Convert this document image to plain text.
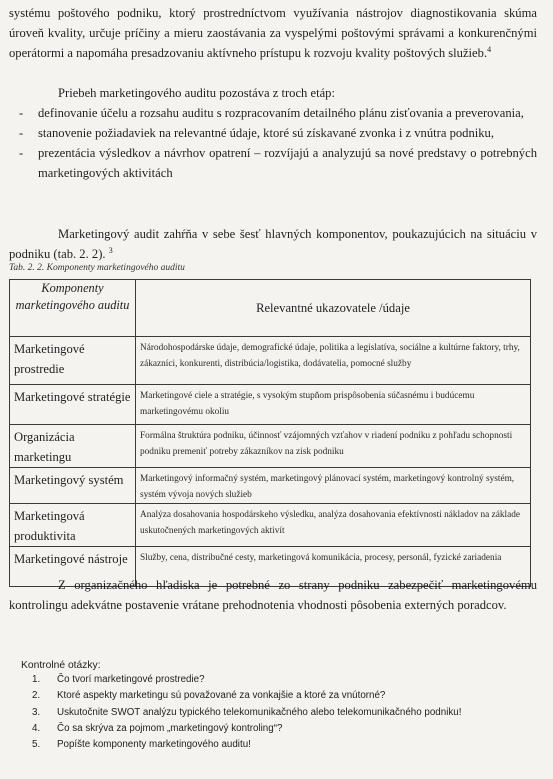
systému poštového podniku, ktorý prostredníctvom využívania nástrojov diagnostikovania skúma úroveň kvality, určuje príčiny a mieru zaostávania za vyspelými poštovými správami a konkurenčnými operátormi a napomáha presadzovaniu aktívneho prístupu k rozvoju kvality poštových služieb.$^4$

Priebeh marketingového auditu pozostáva z troch etáp:

- definovanie účelu a rozsahu auditu s rozpracovaním detailného plánu zisťovania a preverovania,
- stanovenie požiadaviek na relevantné údaje, ktoré sú získavané zvonka i z vnútra podniku,
- prezentácia výsledkov a návrhov opatrení – rozvíjajú a analyzujú sa nové predstavy o potrebných marketingových aktivitách

Marketingový audit zahŕňa v sebe šesť hlavných komponentov, poukazujúcich na situáciu v podniku (tab. 2. 2). $^3$

Tab. 2. 2. Komponenty marketingového auditu
Komponenty marketingového auditu	Relevantné ukazovatele /údaje
Marketingové prostredie	Národohospodárske údaje, demografické údaje, politika a legislatíva, sociálne a kultúrne faktory, trhy, zákazníci, konkurenti, distribúcia/logistika, dodávatelia, pomocné služby
Marketingové stratégie	Marketingové ciele a stratégie, s vysokým stupňom prispôsobenia súčasnému i budúcemu marketingovému okoliu
Organizácia marketingu	Formálna štruktúra podniku, účinnosť vzájomných vzťahov v riadení podniku z pohľadu schopnosti podniku premeniť potreby zákazníkov na zisk podniku
Marketingový systém	Marketingový informačný systém, marketingový plánovací systém, marketingový kontrolný systém, systém vývoja nových služieb
Marketingová produktivita	Analýza dosahovania hospodárskeho výsledku, analýza dosahovania efektívnosti nákladov na základe uskutočnených marketingových aktivít
Marketingové nástroje	Služby, cena, distribučné cesty, marketingová komunikácia, procesy, personál, fyzické zariadenia

Z organizačného hľadiska je potrebné zo strany podniku zabezpečiť marketingovému kontrolingu adekvátne postavenie vrátane prehodnotenia vhodnosti pôsobenia externých poradcov.

Kontrolné otázky:
1. Čo tvorí marketingové prostredie?
2. Ktoré aspekty marketingu sú považované za vonkajšie a ktoré za vnútorné?
3. Uskutočnite SWOT analýzu typického telekomunikačného alebo telekomunikačného podniku!
4. Čo sa skrýva za pojmom „marketingový kontroling“?
5. Popíšte komponenty marketingového auditu!
